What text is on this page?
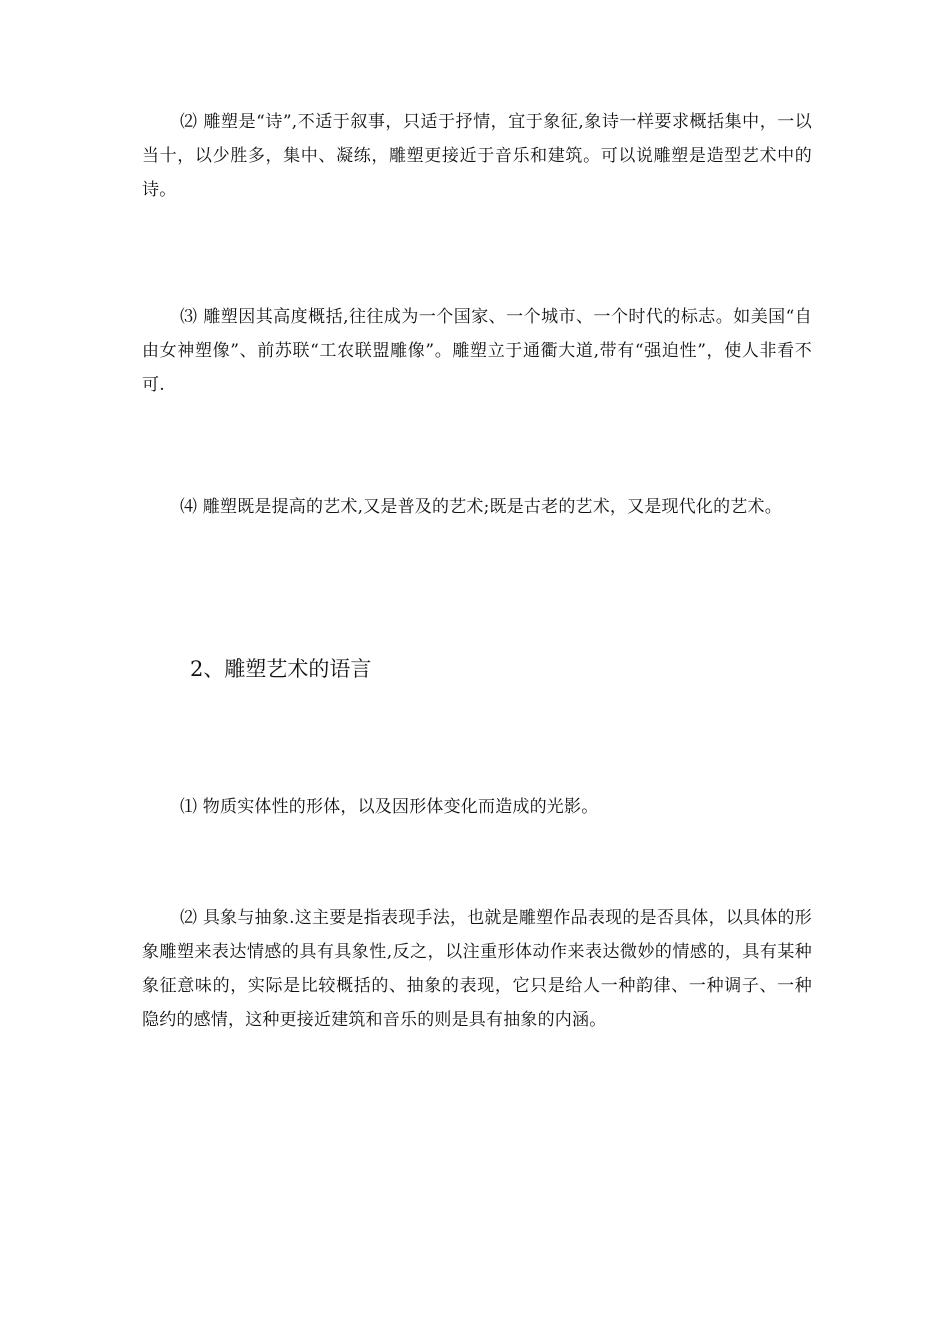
⑵ 雕塑是“诗”,不适于叙事，只适于抒情，宜于象征,象诗一样要求概括集中，一以当十，以少胜多，集中、凝练，雕塑更接近于音乐和建筑。可以说雕塑是造型艺术中的诗。

⑶ 雕塑因其高度概括,往往成为一个国家、一个城市、一个时代的标志。如美国“自由女神塑像”、前苏联“工农联盟雕像”。雕塑立于通衢大道,带有“强迫性”，使人非看不可.

⑷ 雕塑既是提高的艺术,又是普及的艺术;既是古老的艺术，又是现代化的艺术。

2、雕塑艺术的语言

⑴ 物质实体性的形体，以及因形体变化而造成的光影。

⑵ 具象与抽象.这主要是指表现手法，也就是雕塑作品表现的是否具体，以具体的形象雕塑来表达情感的具有具象性,反之，以注重形体动作来表达微妙的情感的，具有某种象征意味的，实际是比较概括的、抽象的表现，它只是给人一种韵律、一种调子、一种隐约的感情，这种更接近建筑和音乐的则是具有抽象的内涵。
